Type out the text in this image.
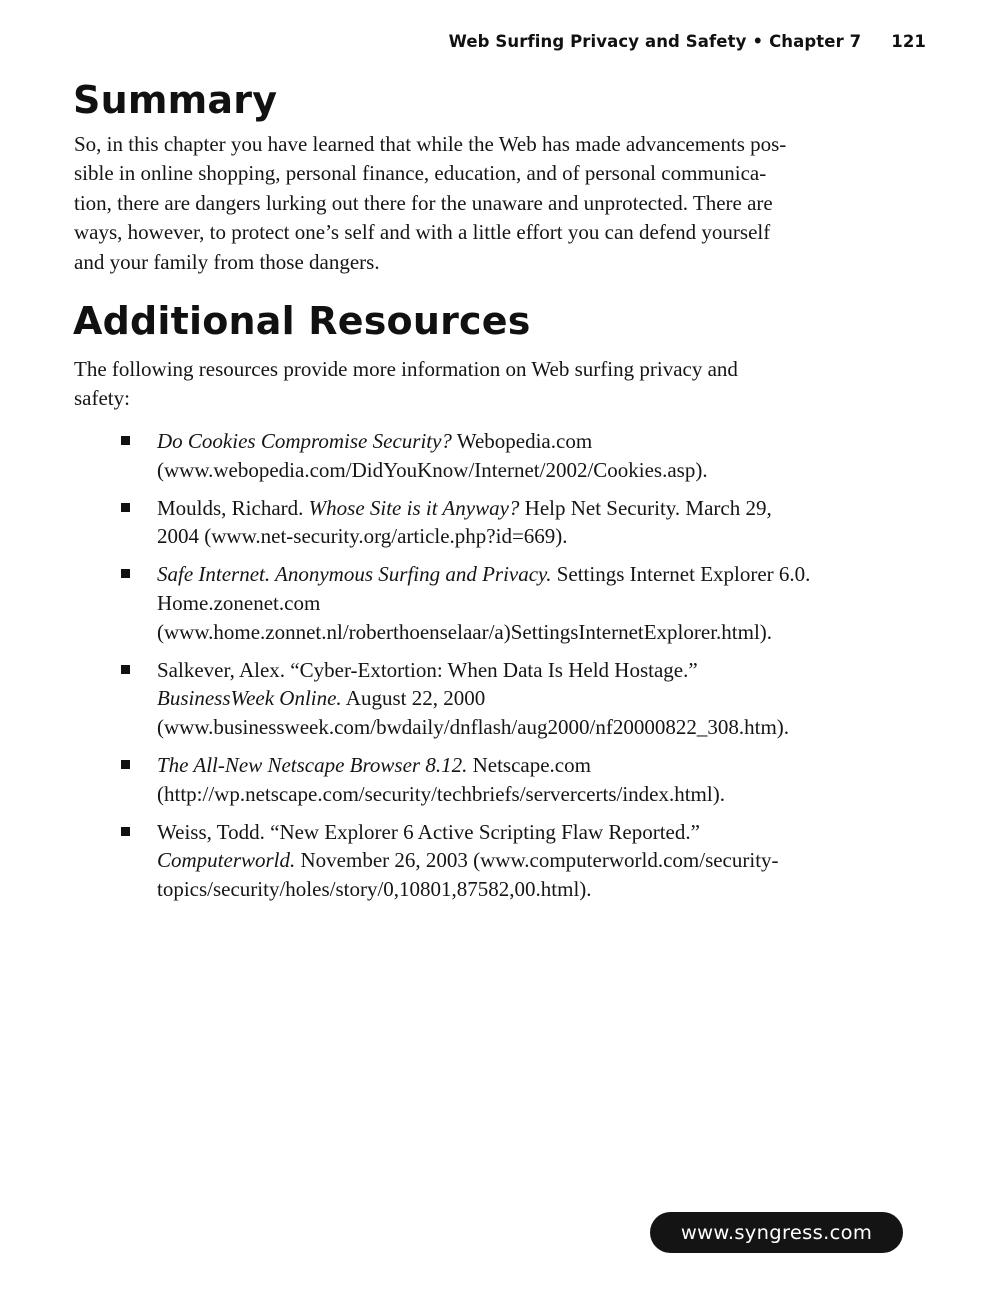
Web Surfing Privacy and Safety • Chapter 7 121
Summary

So, in this chapter you have learned that while the Web has made advancements pos-
sible in online shopping, personal finance, education, and of personal communica-
tion, there are dangers lurking out there for the unaware and unprotected. There are
ways, however, to protect one’s self and with a little effort you can defend yourself
and your family from those dangers.

Additional Resources

The following resources provide more information on Web surfing privacy and
safety:

Do Cookies Compromise Security? Webopedia.com
(www.webopedia.com/DidYouKnow/Internet/2002/Cookies.asp).
Moulds, Richard. Whose Site is it Anyway? Help Net Security. March 29,
2004 (www.net-security.org/article.php?id=669).
Safe Internet. Anonymous Surfing and Privacy. Settings Internet Explorer 6.0.
Home.zonenet.com
(www.home.zonnet.nl/roberthoenselaar/a)SettingsInternetExplorer.html).
Salkever, Alex. “Cyber-Extortion: When Data Is Held Hostage.”
BusinessWeek Online. August 22, 2000
(www.businessweek.com/bwdaily/dnflash/aug2000/nf20000822_308.htm).
The All-New Netscape Browser 8.12. Netscape.com
(http://wp.netscape.com/security/techbriefs/servercerts/index.html).
Weiss, Todd. “New Explorer 6 Active Scripting Flaw Reported.”
Computerworld. November 26, 2003 (www.computerworld.com/security-
topics/security/holes/story/0,10801,87582,00.html).
www.syngress.com
